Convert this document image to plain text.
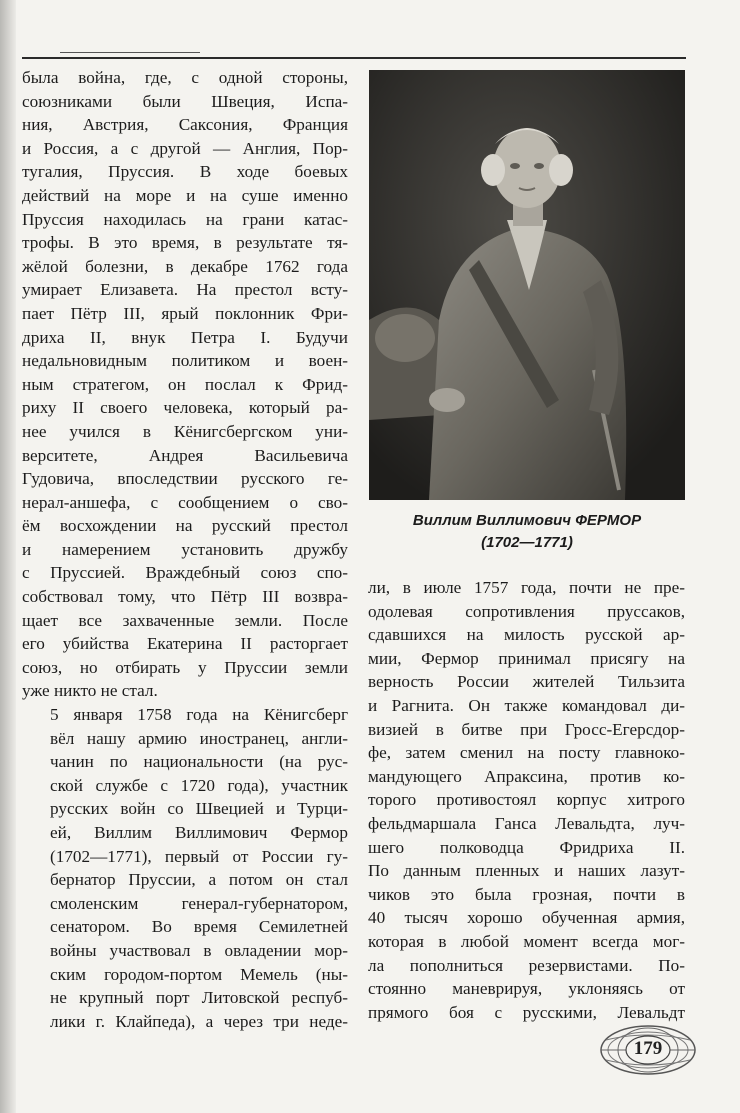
была война, где, с одной стороны,
союзниками были Швеция, Испа-
ния, Австрия, Саксония, Франция
и Россия, а с другой — Англия, Пор-
тугалия, Пруссия. В ходе боевых
действий на море и на суше именно
Пруссия находилась на грани катас-
трофы. В это время, в результате тя-
жёлой болезни, в декабре 1762 года
умирает Елизавета. На престол всту-
пает Пётр III, ярый поклонник Фри-
дриха II, внук Петра I. Будучи
недальновидным политиком и воен-
ным стратегом, он послал к Фрид-
риху II своего человека, который ра-
нее учился в Кёнигсбергском уни-
верситете, Андрея Васильевича
Гудовича, впоследствии русского ге-
нерал-аншефа, с сообщением о сво-
ём восхождении на русский престол
и намерением установить дружбу
с Пруссией. Враждебный союз спо-
собствовал тому, что Пётр III возвра-
щает все захваченные земли. После
его убийства Екатерина II расторгает
союз, но отбирать у Пруссии земли
уже никто не стал.

5 января 1758 года на Кёнигсберг
вёл нашу армию иностранец, англи-
чанин по национальности (на рус-
ской службе с 1720 года), участник
русских войн со Швецией и Турци-
ей, Виллим Виллимович Фермор
(1702—1771), первый от России гу-
бернатор Пруссии, а потом он стал
смоленским генерал-губернатором,
сенатором. Во время Семилетней
войны участвовал в овладении мор-
ским городом-портом Мемель (ны-
не крупный порт Литовской респуб-
лики г. Клайпеда), а через три неде-

Виллим Виллимович ФЕРМОР
(1702—1771)

ли, в июле 1757 года, почти не пре-
одолевая сопротивления пруссаков,
сдавшихся на милость русской ар-
мии, Фермор принимал присягу на
верность России жителей Тильзита
и Рагнита. Он также командовал ди-
визией в битве при Гросс-Егерсдор-
фе, затем сменил на посту главноко-
мандующего Апраксина, против ко-
торого противостоял корпус хитрого
фельдмаршала Ганса Левальдта, луч-
шего полководца Фридриха II.
По данным пленных и наших лазут-
чиков это была грозная, почти в
40 тысяч хорошо обученная армия,
которая в любой момент всегда мог-
ла пополниться резервистами. По-
стоянно маневрируя, уклоняясь от
прямого боя с русскими, Левальдт

179
